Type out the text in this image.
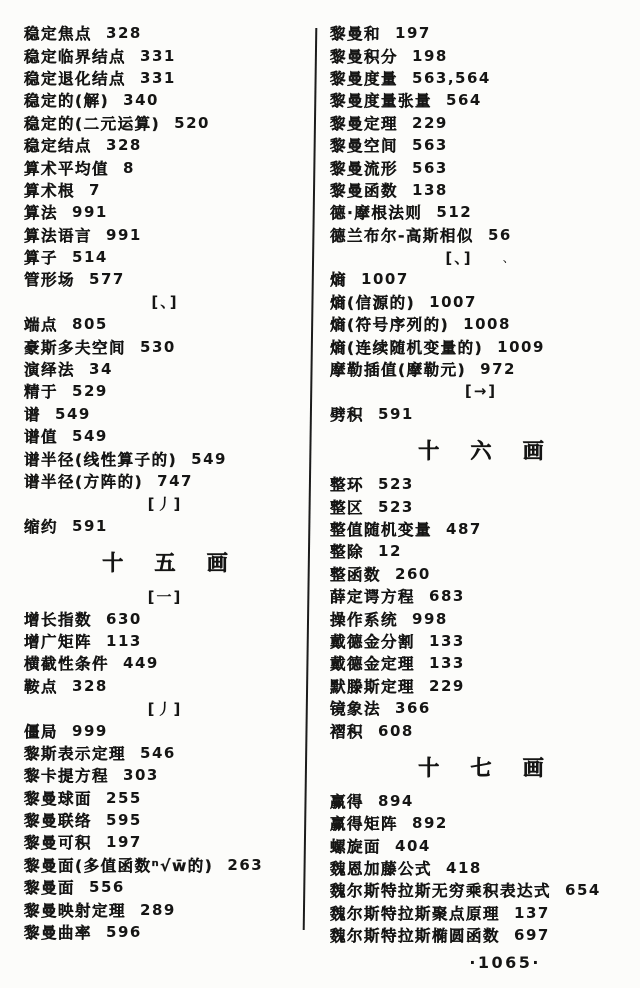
稳定焦点 328
稳定临界结点 331
稳定退化结点 331
稳定的(解) 340
稳定的(二元运算) 520
稳定结点 328
算术平均值 8
算术根 7
算法 991
算法语言 991
算子 514
管形场 577
[、]
端点 805
豪斯多夫空间 530
演绎法 34
精于 529
谱 549
谱值 549
谱半径(线性算子的) 549
谱半径(方阵的) 747
[丿]
缩约 591
十 五 画
[一]
增长指数 630
增广矩阵 113
横截性条件 449
鞍点 328
[丿]
僵局 999
黎斯表示定理 546
黎卡提方程 303
黎曼球面 255
黎曼联络 595
黎曼可积 197
黎曼面(多值函数ⁿ√w̄的) 263
黎曼面 556
黎曼映射定理 289
黎曼曲率 596
黎曼和 197
黎曼积分 198
黎曼度量 563,564
黎曼度量张量 564
黎曼定理 229
黎曼空间 563
黎曼流形 563
黎曼函数 138
德·摩根法则 512
德兰布尔-高斯相似 56
[、]	、
熵 1007
熵(信源的) 1007
熵(符号序列的) 1008
熵(连续随机变量的) 1009
摩勒插值(摩勒元) 972
[→]
劈积 591
十 六 画
整环 523
整区 523
整值随机变量 487
整除 12
整函数 260
薛定谔方程 683
操作系统 998
戴德金分割 133
戴德金定理 133
默滕斯定理 229
镜象法 366
褶积 608
十 七 画
赢得 894
赢得矩阵 892
螺旋面 404
魏恩加藤公式 418
魏尔斯特拉斯无穷乘积表达式 654
魏尔斯特拉斯聚点原理 137
魏尔斯特拉斯椭圆函数 697
·1065·
